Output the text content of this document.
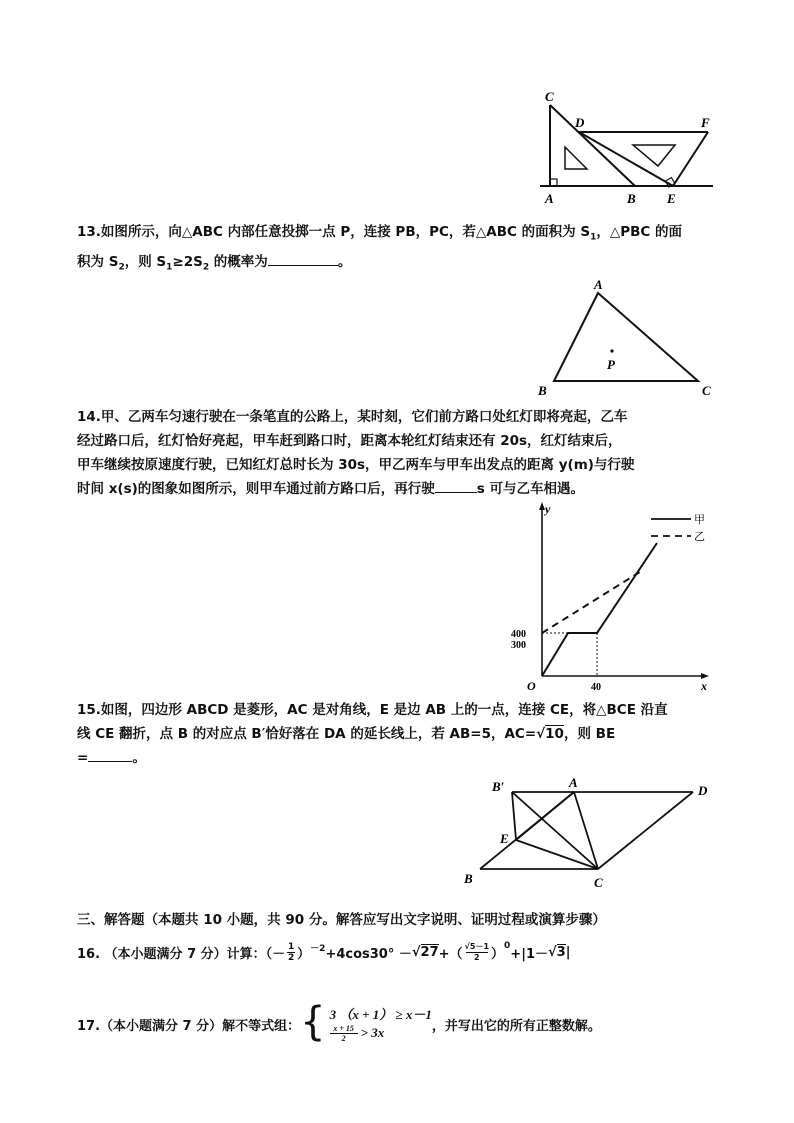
C
D	F
A	B E

13.如图所示，向△ABC 内部任意投掷一点 P，连接 PB，PC，若△ABC 的面积为 $S_1$，△PBC 的面

积为 $S_2$，则 $S_1\ge 2S_2$ 的概率为	。

A
B	C
P

14.甲、乙两车匀速行驶在一条笔直的公路上，某时刻，它们前方路口处红灯即将亮起，乙车

经过路口后，红灯恰好亮起，甲车赶到路口时，距离本轮红灯结束还有 20s，红灯结束后，

甲车继续按原速度行驶，已知红灯总时长为 30s，甲乙两车与甲车出发点的距离 y(m)与行驶

时间 x(s)的图象如图所示，则甲车通过前方路口后，再行驶	s 可与乙车相遇。

甲
乙
y
x
O
400
300
40

15.如图，四边形 ABCD 是菱形，AC 是对角线，E 是边 AB 上的一点，连接 CE，将△BCE 沿直

线 CE 翻折，点 B 的对应点 B′恰好落在 DA 的延长线上，若 AB=5，AC=√10，则 BE

=	。

B′	A
D
E
B	C
三、解答题（本题共 10 小题，共 90 分。解答应写出文字说明、证明过程或演算步骤）
16. （本小题满分 7 分）计算：（－ 1
2 ）$^{-2}$ +4cos30° － √ 27 +（
√5－1
2 ）
$^0$
+|1－ √ 3 |
17.（本小题满分 7 分）解不等式组： { 3 （x + 1） ≥ x－1
x + 15
2	> 3x	，并写出它的所有正整数解。
